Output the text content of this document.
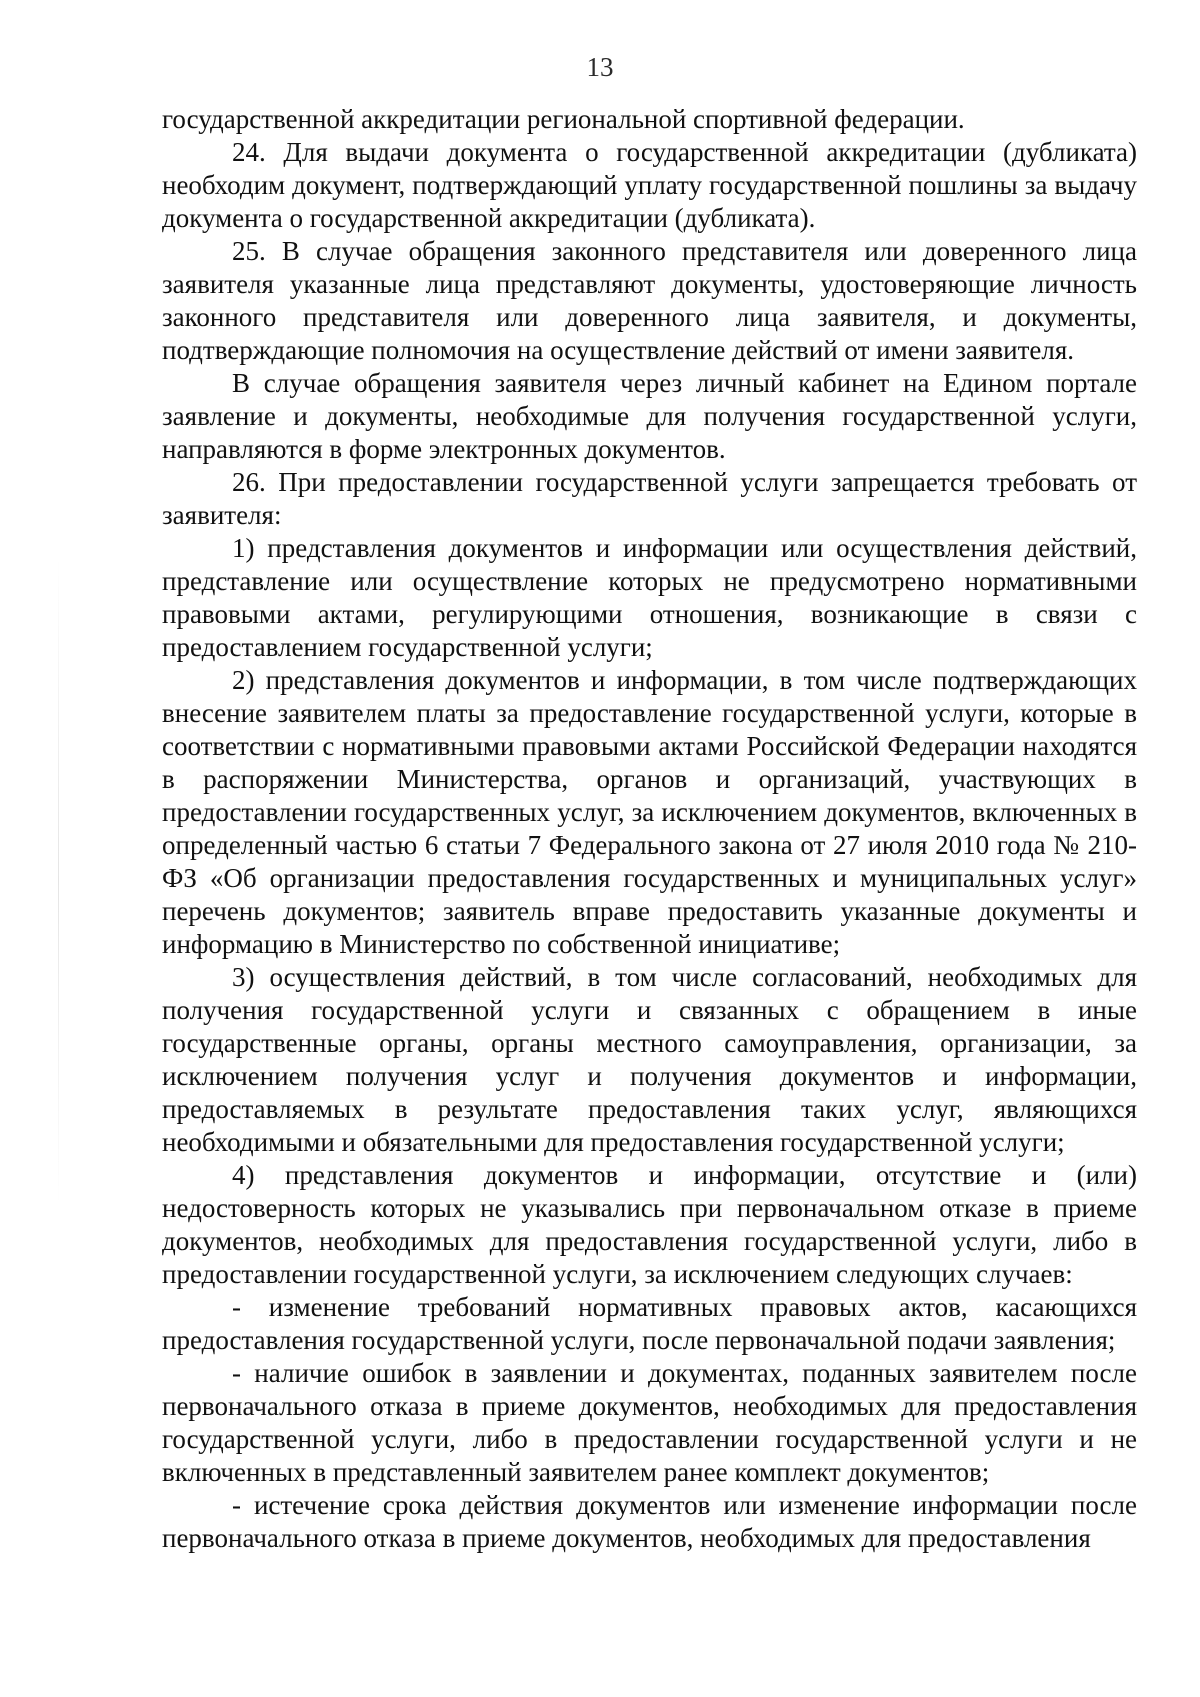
13

государственной аккредитации региональной спортивной федерации.

24. Для выдачи документа о государственной аккредитации (дубликата) необходим документ, подтверждающий уплату государственной пошлины за выдачу документа о государственной аккредитации (дубликата).

25. В случае обращения законного представителя или доверенного лица заявителя указанные лица представляют документы, удостоверяющие личность законного представителя или доверенного лица заявителя, и документы, подтверждающие полномочия на осуществление действий от имени заявителя.

В случае обращения заявителя через личный кабинет на Едином портале заявление и документы, необходимые для получения государственной услуги, направляются в форме электронных документов.

26. При предоставлении государственной услуги запрещается требовать от заявителя:

1) представления документов и информации или осуществления действий, представление или осуществление которых не предусмотрено нормативными правовыми актами, регулирующими отношения, возникающие в связи с предоставлением государственной услуги;

2) представления документов и информации, в том числе подтверждающих внесение заявителем платы за предоставление государственной услуги, которые в соответствии с нормативными правовыми актами Российской Федерации находятся в распоряжении Министерства, органов и организаций, участвующих в предоставлении государственных услуг, за исключением документов, включенных в определенный частью 6 статьи 7 Федерального закона от 27 июля 2010 года № 210-ФЗ «Об организации предоставления государственных и муниципальных услуг» перечень документов; заявитель вправе предоставить указанные документы и информацию в Министерство по собственной инициативе;

3) осуществления действий, в том числе согласований, необходимых для получения государственной услуги и связанных с обращением в иные государственные органы, органы местного самоуправления, организации, за исключением получения услуг и получения документов и информации, предоставляемых в результате предоставления таких услуг, являющихся необходимыми и обязательными для предоставления государственной услуги;

4) представления документов и информации, отсутствие и (или) недостоверность которых не указывались при первоначальном отказе в приеме документов, необходимых для предоставления государственной услуги, либо в предоставлении государственной услуги, за исключением следующих случаев:

- изменение требований нормативных правовых актов, касающихся предоставления государственной услуги, после первоначальной подачи заявления;

- наличие ошибок в заявлении и документах, поданных заявителем после первоначального отказа в приеме документов, необходимых для предоставления государственной услуги, либо в предоставлении государственной услуги и не включенных в представленный заявителем ранее комплект документов;

- истечение срока действия документов или изменение информации после первоначального отказа в приеме документов, необходимых для предоставления
